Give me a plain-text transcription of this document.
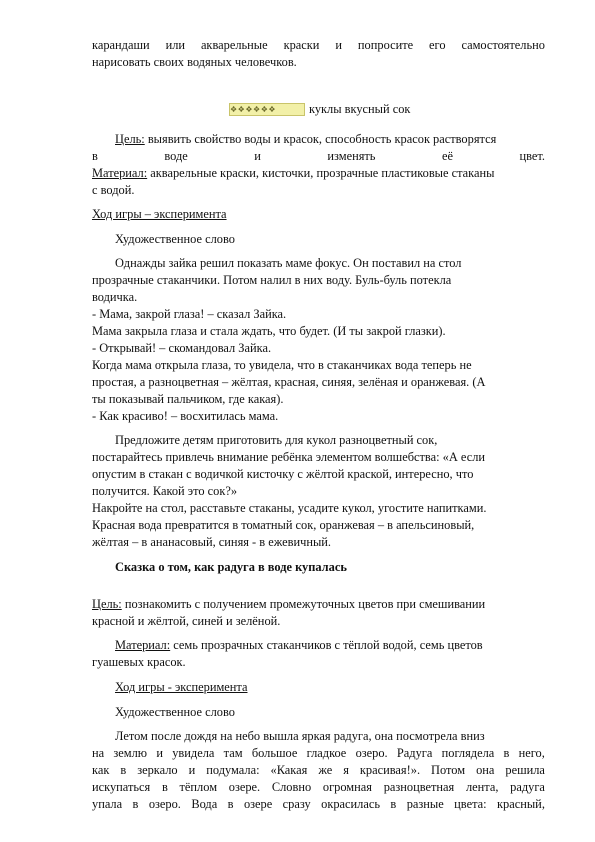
карандаши или акварельные краски и попросите его самостоятельно
нарисовать своих водяных человечков.
❖❖❖❖❖❖	куклы вкусный сок
Цель: выявить свойство воды и красок, способность красок растворятся
в	воде	и	изменять	её	цвет.
Материал: акварельные краски, кисточки, прозрачные пластиковые стаканы
с водой.
Ход игры – эксперимента
Художественное слово
Однажды зайка решил показать маме фокус. Он поставил на стол
прозрачные стаканчики. Потом налил в них воду. Буль-буль потекла
водичка.
- Мама, закрой глаза! – сказал Зайка.
Мама закрыла глаза и стала ждать, что будет. (И ты закрой глазки).
- Открывай! – скомандовал Зайка.
Когда мама открыла глаза, то увидела, что в стаканчиках вода теперь не
простая, а разноцветная – жёлтая, красная, синяя, зелёная и оранжевая. (А
ты показывай пальчиком, где какая).
- Как красиво! – восхитилась мама.
Предложите детям приготовить для кукол разноцветный сок,
постарайтесь привлечь внимание ребёнка элементом волшебства: «А если
опустим в стакан с водичкой кисточку с жёлтой краской, интересно, что
получится. Какой это сок?»
Накройте на стол, расставьте стаканы, усадите кукол, угостите напитками.
Красная вода превратится в томатный сок, оранжевая – в апельсиновый,
жёлтая – в ананасовый, синяя - в ежевичный.
Сказка о том, как радуга в воде купалась
Цель: познакомить с получением промежуточных цветов при смешивании
красной и жёлтой, синей и зелёной.
Материал: семь прозрачных стаканчиков с тёплой водой, семь цветов
гуашевых красок.
Ход игры - эксперимента
Художественное слово
Летом после дождя на небо вышла яркая радуга, она посмотрела вниз
на землю и увидела там большое гладкое озеро. Радуга поглядела в него,
как в зеркало и подумала: «Какая же я красивая!». Потом она решила
искупаться в тёплом озере. Словно огромная разноцветная лента, радуга
упала в озеро. Вода в озере сразу окрасилась в разные цвета: красный,
